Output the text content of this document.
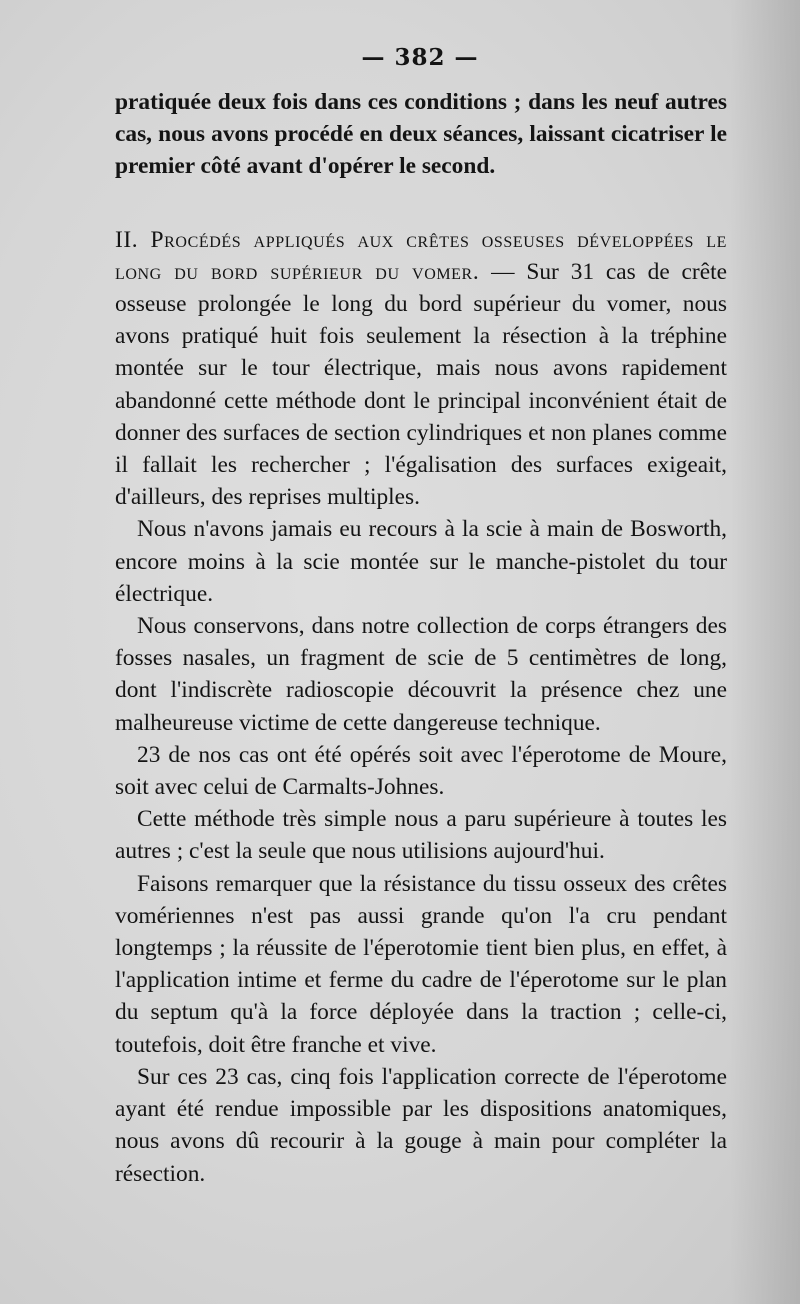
— 382 —

pratiquée deux fois dans ces conditions ; dans les neuf autres cas, nous avons procédé en deux séances, laissant cicatriser le premier côté avant d'opérer le second.

II. Procédés appliqués aux crêtes osseuses développées le long du bord supérieur du vomer. — Sur 31 cas de crête osseuse prolongée le long du bord supérieur du vomer, nous avons pratiqué huit fois seulement la résection à la tréphine montée sur le tour électrique, mais nous avons rapidement abandonné cette méthode dont le principal inconvénient était de donner des surfaces de section cylindriques et non planes comme il fallait les rechercher ; l'égalisation des surfaces exigeait, d'ailleurs, des reprises multiples.

Nous n'avons jamais eu recours à la scie à main de Bosworth, encore moins à la scie montée sur le manche-pistolet du tour électrique.

Nous conservons, dans notre collection de corps étrangers des fosses nasales, un fragment de scie de 5 centimètres de long, dont l'indiscrète radioscopie découvrit la présence chez une malheureuse victime de cette dangereuse technique.

23 de nos cas ont été opérés soit avec l'éperotome de Moure, soit avec celui de Carmalts-Johnes.

Cette méthode très simple nous a paru supérieure à toutes les autres ; c'est la seule que nous utilisions aujourd'hui.

Faisons remarquer que la résistance du tissu osseux des crêtes vomériennes n'est pas aussi grande qu'on l'a cru pendant longtemps ; la réussite de l'éperotomie tient bien plus, en effet, à l'application intime et ferme du cadre de l'éperotome sur le plan du septum qu'à la force déployée dans la traction ; celle-ci, toutefois, doit être franche et vive.

Sur ces 23 cas, cinq fois l'application correcte de l'éperotome ayant été rendue impossible par les dispositions anatomiques, nous avons dû recourir à la gouge à main pour compléter la résection.
